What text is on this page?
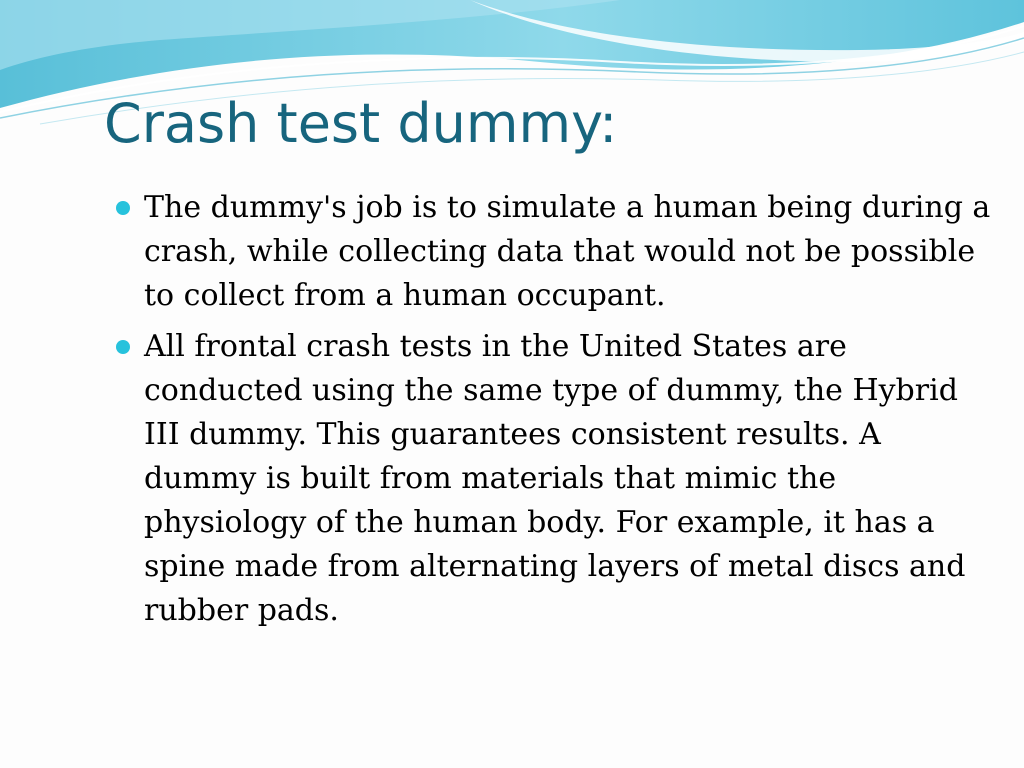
Crash test dummy:
The dummy's job is to simulate a human being during a crash, while collecting data that would not be possible to collect from a human occupant.
All frontal crash tests in the United States are conducted using the same type of dummy, the Hybrid III dummy. This guarantees consistent results. A dummy is built from materials that mimic the physiology of the human body. For example, it has a spine made from alternating layers of metal discs and rubber pads.
